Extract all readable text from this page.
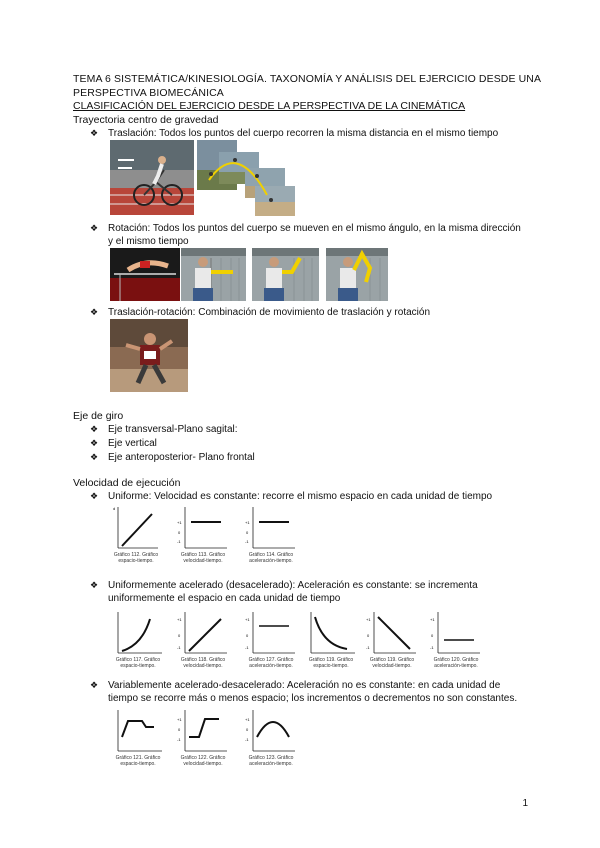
TEMA 6 SISTEMÁTICA/KINESIOLOGÍA. TAXONOMÍA Y ANÁLISIS DEL EJERCICIO DESDE UNA PERSPECTIVA BIOMECÁNICA
CLASIFICACIÓN DEL EJERCICIO DESDE LA PERSPECTIVA DE LA CINEMÁTICA
Trayectoria centro de gravedad
❖ Traslación: Todos los puntos del cuerpo recorren la misma distancia en el mismo tiempo
❖ Rotación: Todos los puntos del cuerpo se mueven en el mismo ángulo, en la misma dirección
y el mismo tiempo
❖ Traslación-rotación: Combinación de movimiento de traslación y rotación
Eje de giro
❖ Eje transversal-Plano sagital:
❖ Eje vertical
❖ Eje anteroposterior- Plano frontal
Velocidad de ejecución
❖ Uniforme: Velocidad es constante: recorre el mismo espacio en cada unidad de tiempo
d
Gráfico 112. Gráfico espacio-tiempo.
+1
0
-1
Gráfico 113. Gráfico velocidad-tiempo.
+1
0
-1
Gráfico 114. Gráfico aceleración-tiempo.
❖ Uniformemente acelerado (desacelerado): Aceleración es constante: se incrementa
uniformemente el espacio en cada unidad de tiempo
Gráfico 117. Gráfico espacio-tiempo.
+1
0
-1
Gráfico 118. Gráfico velocidad-tiempo.
+1
0
-1
Gráfico 127. Gráfico aceleración-tiempo.
Gráfico 119. Gráfico espacio-tiempo.
+1
0
-1
Gráfico 119. Gráfico velocidad-tiempo.
+1
0
-1
Gráfico 120. Gráfico aceleración-tiempo.
❖ Variablemente acelerado-desacelerado: Aceleración no es constante: en cada unidad de
tiempo se recorre más o menos espacio; los incrementos o decrementos no son constantes.
Gráfico 121. Gráfico espacio-tiempo.
+1
0
-1
Gráfico 122. Gráfico velocidad-tiempo.
+1
0
-1
Gráfico 123. Gráfico aceleración-tiempo.
1
